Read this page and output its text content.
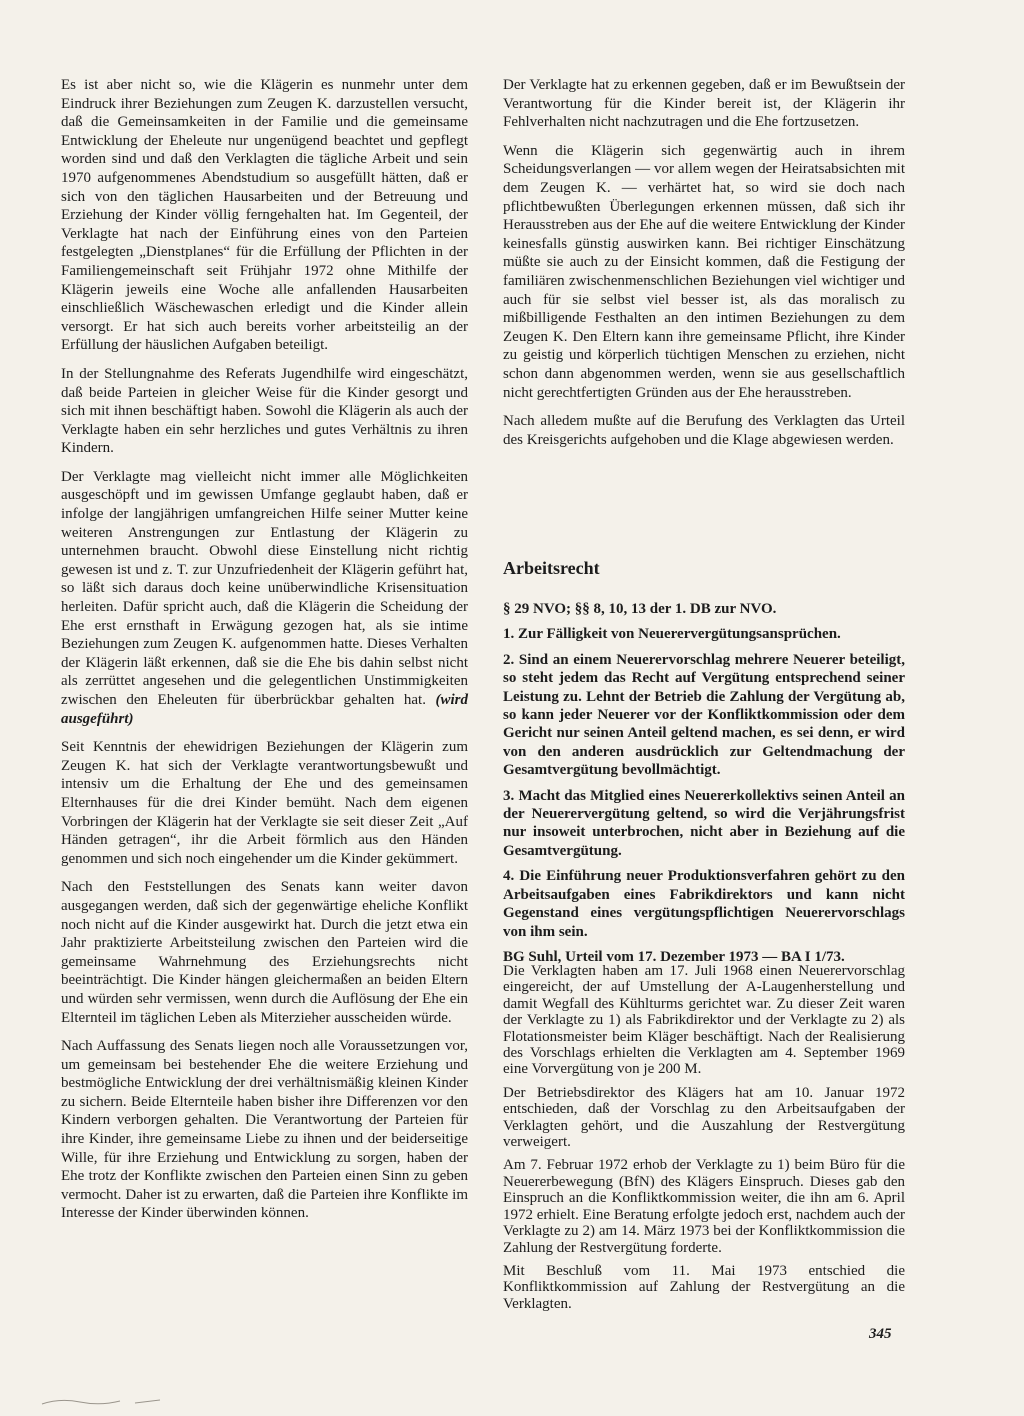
Es ist aber nicht so, wie die Klägerin es nunmehr unter dem Eindruck ihrer Beziehungen zum Zeugen K. darzustellen versucht, daß die Gemeinsamkeiten in der Familie und die gemeinsame Entwicklung der Eheleute nur ungenügend beachtet und gepflegt worden sind und daß den Verklagten die tägliche Arbeit und sein 1970 aufgenommenes Abendstudium so ausgefüllt hätten, daß er sich von den täglichen Hausarbeiten und der Betreuung und Erziehung der Kinder völlig ferngehalten hat. Im Gegenteil, der Verklagte hat nach der Einführung eines von den Parteien festgelegten „Dienstplanes“ für die Erfüllung der Pflichten in der Familiengemeinschaft seit Frühjahr 1972 ohne Mithilfe der Klägerin jeweils eine Woche alle anfallenden Hausarbeiten einschließlich Wäschewaschen erledigt und die Kinder allein versorgt. Er hat sich auch bereits vorher arbeitsteilig an der Erfüllung der häuslichen Aufgaben beteiligt.

In der Stellungnahme des Referats Jugendhilfe wird eingeschätzt, daß beide Parteien in gleicher Weise für die Kinder gesorgt und sich mit ihnen beschäftigt haben. Sowohl die Klägerin als auch der Verklagte haben ein sehr herzliches und gutes Verhältnis zu ihren Kindern.

Der Verklagte mag vielleicht nicht immer alle Möglichkeiten ausgeschöpft und im gewissen Umfange geglaubt haben, daß er infolge der langjährigen umfangreichen Hilfe seiner Mutter keine weiteren Anstrengungen zur Entlastung der Klägerin zu unternehmen braucht. Obwohl diese Einstellung nicht richtig gewesen ist und z. T. zur Unzufriedenheit der Klägerin geführt hat, so läßt sich daraus doch keine unüberwindliche Krisensituation herleiten. Dafür spricht auch, daß die Klägerin die Scheidung der Ehe erst ernsthaft in Erwägung gezogen hat, als sie intime Beziehungen zum Zeugen K. aufgenommen hatte. Dieses Verhalten der Klägerin läßt erkennen, daß sie die Ehe bis dahin selbst nicht als zerrüttet angesehen und die gelegentlichen Unstimmigkeiten zwischen den Eheleuten für überbrückbar gehalten hat. (wird ausgeführt)

Seit Kenntnis der ehewidrigen Beziehungen der Klägerin zum Zeugen K. hat sich der Verklagte verantwortungsbewußt und intensiv um die Erhaltung der Ehe und des gemeinsamen Elternhauses für die drei Kinder bemüht. Nach dem eigenen Vorbringen der Klägerin hat der Verklagte sie seit dieser Zeit „Auf Händen getragen“, ihr die Arbeit förmlich aus den Händen genommen und sich noch eingehender um die Kinder gekümmert.

Nach den Feststellungen des Senats kann weiter davon ausgegangen werden, daß sich der gegenwärtige eheliche Konflikt noch nicht auf die Kinder ausgewirkt hat. Durch die jetzt etwa ein Jahr praktizierte Arbeitsteilung zwischen den Parteien wird die gemeinsame Wahrnehmung des Erziehungsrechts nicht beeinträchtigt. Die Kinder hängen gleichermaßen an beiden Eltern und würden sehr vermissen, wenn durch die Auflösung der Ehe ein Elternteil im täglichen Leben als Miterzieher ausscheiden würde.

Nach Auffassung des Senats liegen noch alle Voraussetzungen vor, um gemeinsam bei bestehender Ehe die weitere Erziehung und bestmögliche Entwicklung der drei verhältnismäßig kleinen Kinder zu sichern. Beide Elternteile haben bisher ihre Differenzen vor den Kindern verborgen gehalten. Die Verantwortung der Parteien für ihre Kinder, ihre gemeinsame Liebe zu ihnen und der beiderseitige Wille, für ihre Erziehung und Entwicklung zu sorgen, haben der Ehe trotz der Konflikte zwischen den Parteien einen Sinn zu geben vermocht. Daher ist zu erwarten, daß die Parteien ihre Konflikte im Interesse der Kinder überwinden können.

Der Verklagte hat zu erkennen gegeben, daß er im Bewußtsein der Verantwortung für die Kinder bereit ist, der Klägerin ihr Fehlverhalten nicht nachzutragen und die Ehe fortzusetzen.

Wenn die Klägerin sich gegenwärtig auch in ihrem Scheidungsverlangen — vor allem wegen der Heiratsabsichten mit dem Zeugen K. — verhärtet hat, so wird sie doch nach pflichtbewußten Überlegungen erkennen müssen, daß sich ihr Herausstreben aus der Ehe auf die weitere Entwicklung der Kinder keinesfalls günstig auswirken kann. Bei richtiger Einschätzung müßte sie auch zu der Einsicht kommen, daß die Festigung der familiären zwischenmenschlichen Beziehungen viel wichtiger und auch für sie selbst viel besser ist, als das moralisch zu mißbilligende Festhalten an den intimen Beziehungen zu dem Zeugen K. Den Eltern kann ihre gemeinsame Pflicht, ihre Kinder zu geistig und körperlich tüchtigen Menschen zu erziehen, nicht schon dann abgenommen werden, wenn sie aus gesellschaftlich nicht gerechtfertigten Gründen aus der Ehe herausstreben.

Nach alledem mußte auf die Berufung des Verklagten das Urteil des Kreisgerichts aufgehoben und die Klage abgewiesen werden.

Arbeitsrecht

§ 29 NVO; §§ 8, 10, 13 der 1. DB zur NVO.

1. Zur Fälligkeit von Neuerervergütungsansprüchen.

2. Sind an einem Neuerervorschlag mehrere Neuerer beteiligt, so steht jedem das Recht auf Vergütung entsprechend seiner Leistung zu. Lehnt der Betrieb die Zahlung der Vergütung ab, so kann jeder Neuerer vor der Konfliktkommission oder dem Gericht nur seinen Anteil geltend machen, es sei denn, er wird von den anderen ausdrücklich zur Geltendmachung der Gesamtvergütung bevollmächtigt.

3. Macht das Mitglied eines Neuererkollektivs seinen Anteil an der Neuerervergütung geltend, so wird die Verjährungsfrist nur insoweit unterbrochen, nicht aber in Beziehung auf die Gesamtvergütung.

4. Die Einführung neuer Produktionsverfahren gehört zu den Arbeitsaufgaben eines Fabrikdirektors und kann nicht Gegenstand eines vergütungspflichtigen Neuerervorschlags von ihm sein.

BG Suhl, Urteil vom 17. Dezember 1973 — BA I 1/73.

Die Verklagten haben am 17. Juli 1968 einen Neuerervorschlag eingereicht, der auf Umstellung der A-Laugenherstellung und damit Wegfall des Kühlturms gerichtet war. Zu dieser Zeit waren der Verklagte zu 1) als Fabrikdirektor und der Verklagte zu 2) als Flotationsmeister beim Kläger beschäftigt. Nach der Realisierung des Vorschlags erhielten die Verklagten am 4. September 1969 eine Vorvergütung von je 200 M.

Der Betriebsdirektor des Klägers hat am 10. Januar 1972 entschieden, daß der Vorschlag zu den Arbeitsaufgaben der Verklagten gehört, und die Auszahlung der Restvergütung verweigert.

Am 7. Februar 1972 erhob der Verklagte zu 1) beim Büro für die Neuererbewegung (BfN) des Klägers Einspruch. Dieses gab den Einspruch an die Konfliktkommission weiter, die ihn am 6. April 1972 erhielt. Eine Beratung erfolgte jedoch erst, nachdem auch der Verklagte zu 2) am 14. März 1973 bei der Konfliktkommission die Zahlung der Restvergütung forderte.

Mit Beschluß vom 11. Mai 1973 entschied die Konfliktkommission auf Zahlung der Restvergütung an die Verklagten.

345
